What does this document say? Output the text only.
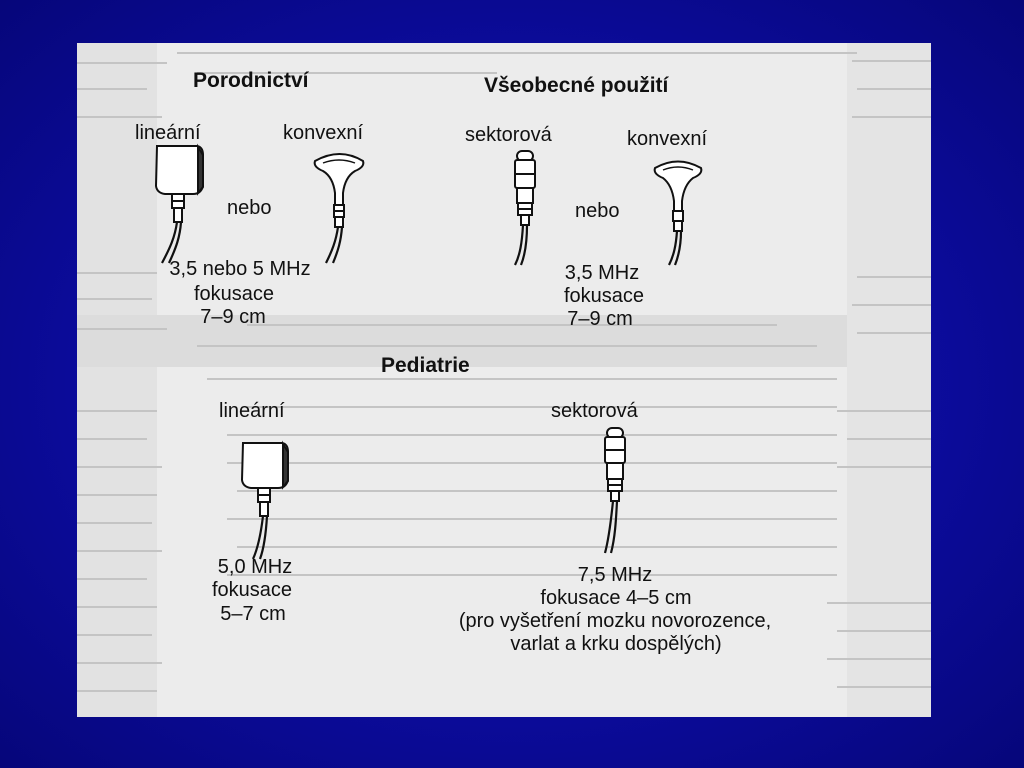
Porodnictví
lineární	konvexní
nebo
3,5 nebo 5 MHz
fokusace
7–9 cm
Všeobecné použití
sektorová	konvexní
nebo
3,5 MHz
fokusace
7–9 cm
Pediatrie
lineární	sektorová
5,0 MHz
fokusace
5–7 cm
7,5 MHz
fokusace 4–5 cm
(pro vyšetření mozku novorozence,
varlat a krku dospělých)
